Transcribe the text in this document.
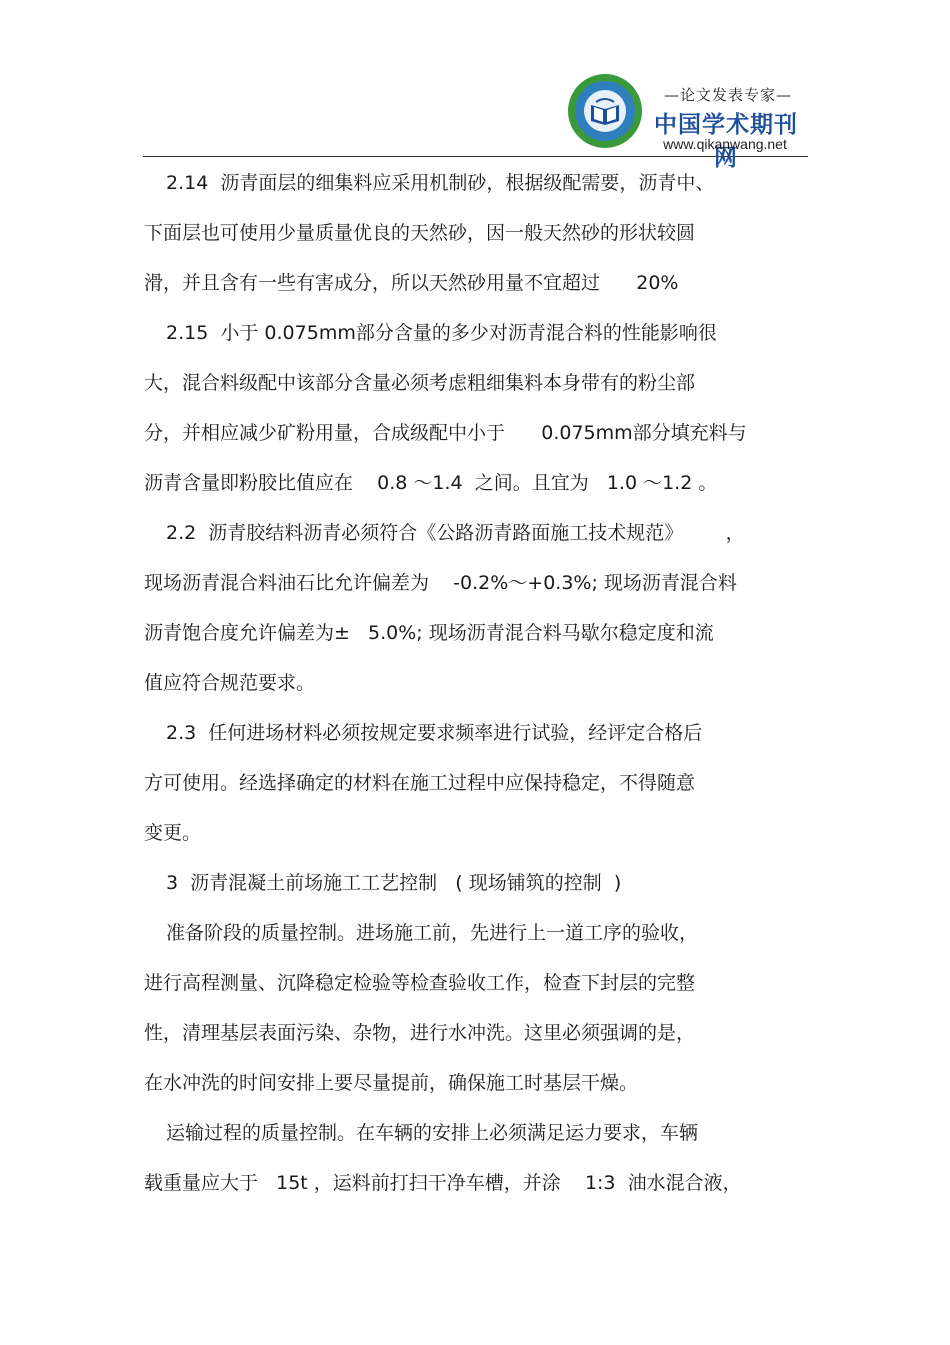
—论文发表专家—
中国学术期刊网
www.qikanwang.net
2.14  沥青面层的细集料应采用机制砂，根据级配需要，沥青中、
下面层也可使用少量质量优良的天然砂，因一般天然砂的形状较圆
滑，并且含有一些有害成分，所以天然砂用量不宜超过      20%
2.15  小于 0.075mm部分含量的多少对沥青混合料的性能影响很
大，混合料级配中该部分含量必须考虑粗细集料本身带有的粉尘部
分，并相应减少矿粉用量，合成级配中小于      0.075mm部分填充料与
沥青含量即粉胶比值应在    0.8 ～1.4  之间。且宜为   1.0 ～1.2 。
2.2  沥青胶结料沥青必须符合《公路沥青路面施工技术规范》       ，
现场沥青混合料油石比允许偏差为    -0.2%～+0.3%; 现场沥青混合料
沥青饱合度允许偏差为±   5.0%; 现场沥青混合料马歇尔稳定度和流
值应符合规范要求。
2.3  任何进场材料必须按规定要求频率进行试验，经评定合格后
方可使用。经选择确定的材料在施工过程中应保持稳定，不得随意
变更。
3  沥青混凝土前场施工工艺控制   ( 现场铺筑的控制  )
准备阶段的质量控制。进场施工前，先进行上一道工序的验收，
进行高程测量、沉降稳定检验等检查验收工作，检查下封层的完整
性，清理基层表面污染、杂物，进行水冲洗。这里必须强调的是，
在水冲洗的时间安排上要尽量提前，确保施工时基层干燥。
运输过程的质量控制。在车辆的安排上必须满足运力要求，车辆
载重量应大于   15t ，运料前打扫干净车槽，并涂    1:3  油水混合液，
